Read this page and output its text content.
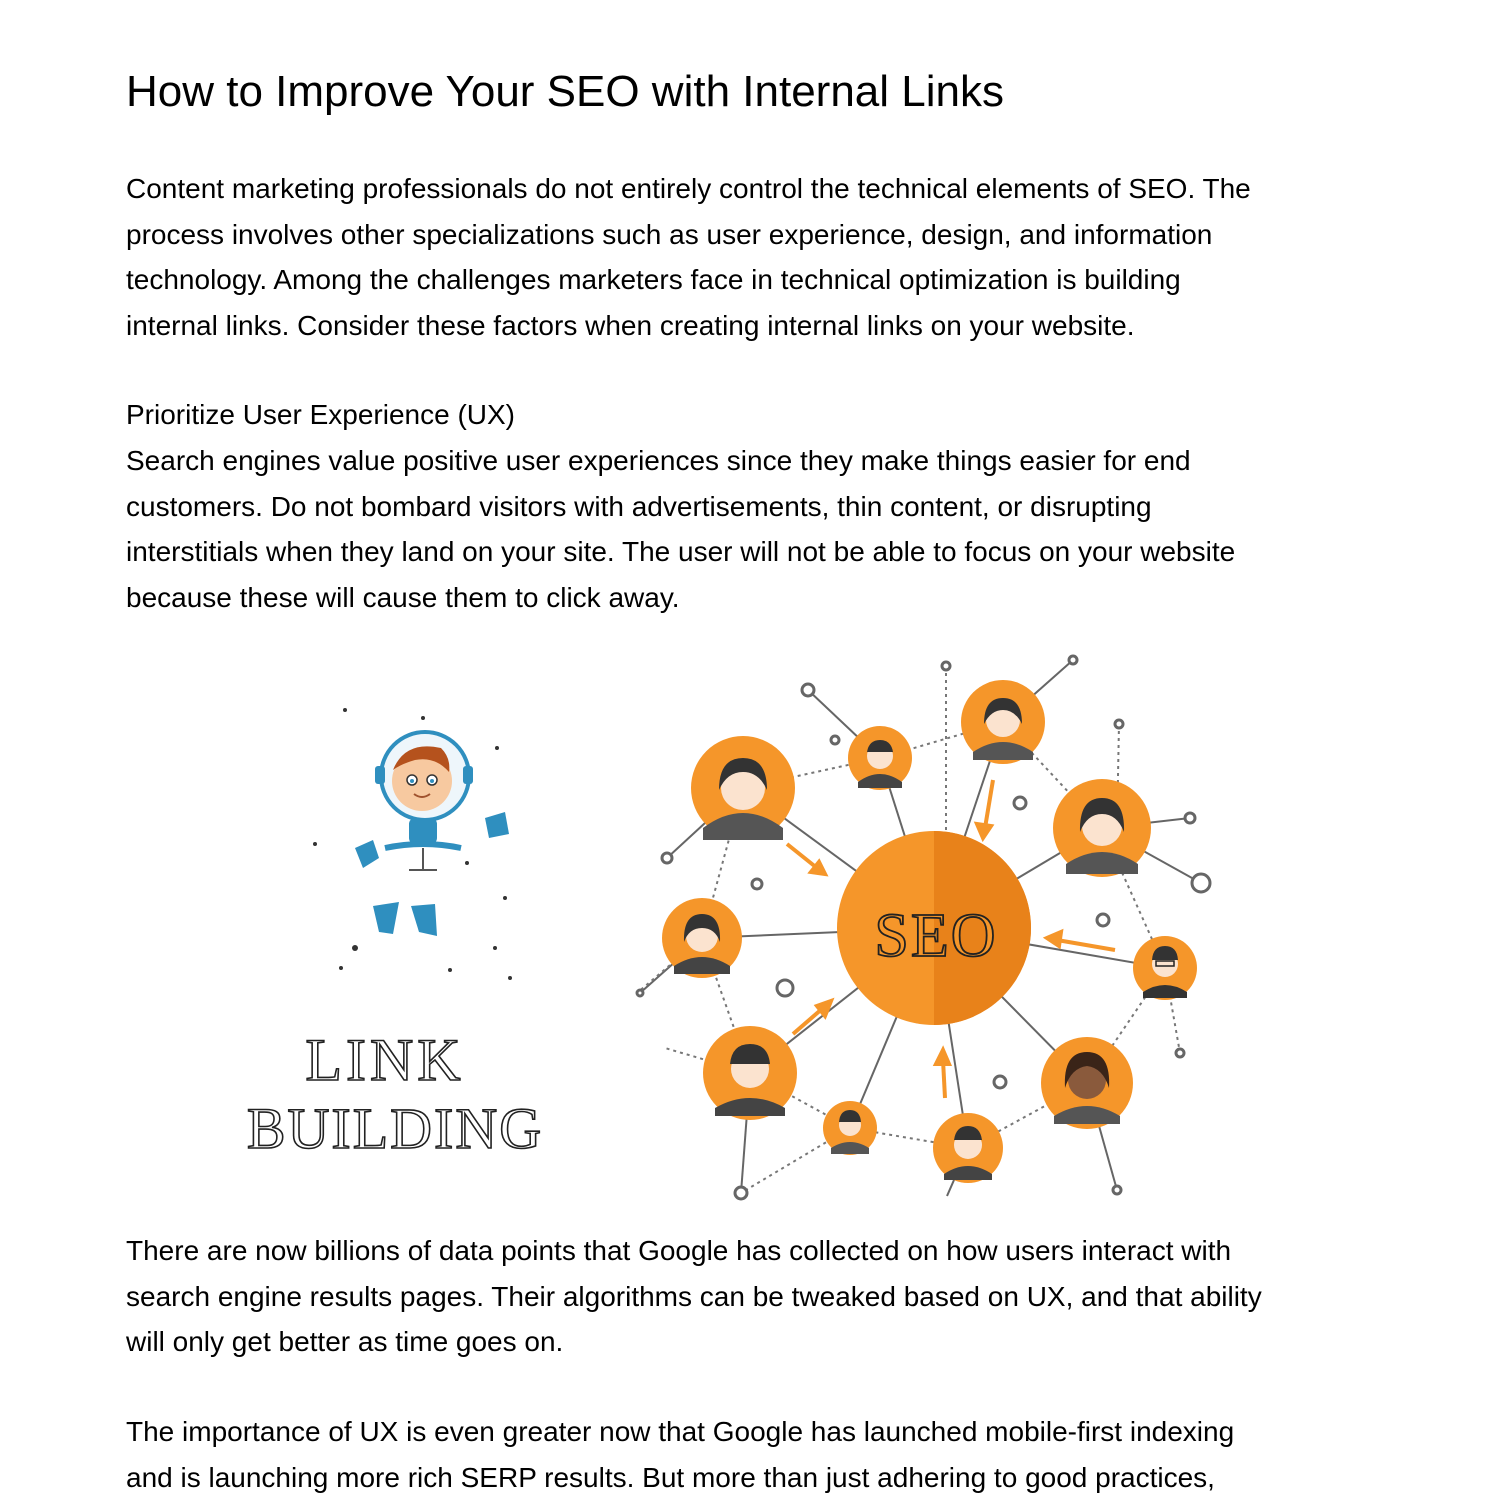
How to Improve Your SEO with Internal Links

Content marketing professionals do not entirely control the technical elements of SEO. The
process involves other specializations such as user experience, design, and information
technology. Among the challenges marketers face in technical optimization is building
internal links. Consider these factors when creating internal links on your website.

Prioritize User Experience (UX)

Search engines value positive user experiences since they make things easier for end
customers. Do not bombard visitors with advertisements, thin content, or disrupting
interstitials when they land on your site. The user will not be able to focus on your website
because these will cause them to click away.

There are now billions of data points that Google has collected on how users interact with
search engine results pages. Their algorithms can be tweaked based on UX, and that ability
will only get better as time goes on.

The importance of UX is even greater now that Google has launched mobile-first indexing
and is launching more rich SERP results. But more than just adhering to good practices,

LINK
BUILDING
SEO
